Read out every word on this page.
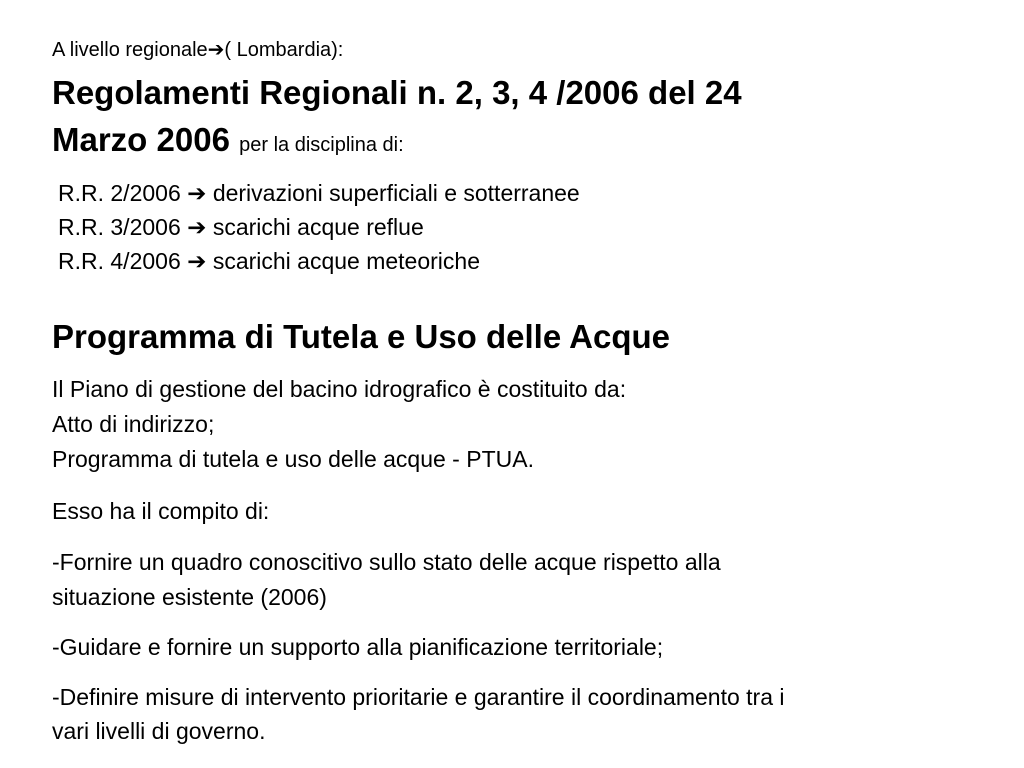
A livello regionale➔( Lombardia):
Regolamenti Regionali n. 2, 3, 4 /2006 del 24
Marzo 2006 per la disciplina di:
R.R. 2/2006 ➔ derivazioni superficiali e sotterranee
R.R. 3/2006 ➔ scarichi acque reflue
R.R. 4/2006 ➔ scarichi acque meteoriche
Programma di Tutela e Uso delle Acque
Il Piano di gestione del bacino idrografico è costituito da:
Atto di indirizzo;
Programma di tutela e uso delle acque - PTUA.
Esso ha il compito di:
-Fornire un quadro conoscitivo sullo stato delle acque rispetto alla
situazione esistente (2006)
-Guidare e fornire un supporto alla pianificazione territoriale;
-Definire misure di intervento prioritarie e garantire il coordinamento tra i
vari livelli di governo.
